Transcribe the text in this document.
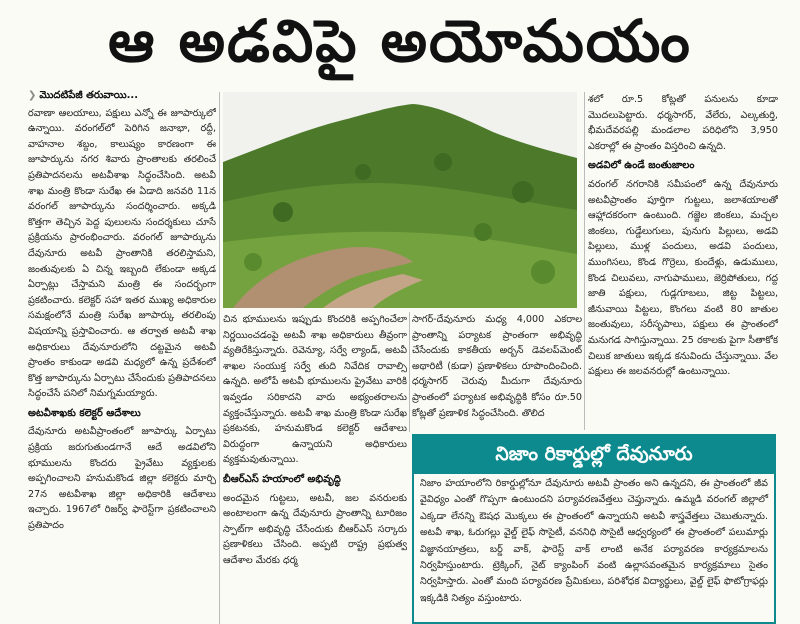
ఆ అడవిపై అయోమయం
❯ మొదటిపేజీ తరువాయి...

రవాణా ఆలయాలు, పక్షులు ఎన్నో ఈ జూపార్కులో ఉన్నాయి. వరంగల్‌లో పెరిగిన జనాభా, రద్దీ, వాహనాల శబ్దం, కాలుష్యం కారణంగా ఈ జూపార్కును నగర శివారు ప్రాంతాలకు తరలించే ప్రతిపాదనలను అటవీశాఖ సిద్ధంచేసింది. అటవీ శాఖ మంత్రి కొండా సురేఖ ఈ ఏడాది జనవరి 11న వరంగల్ జూపార్కును సందర్శించారు. అక్కడి కొత్తగా తెచ్చిన పెద్ద పులులను సందర్శకులు చూసే ప్రక్రియను ప్రారంభించారు. వరంగల్ జూపార్కును దేవునూరు అటవీ ప్రాంతానికి తరలిస్తామని, జంతువులకు ఏ చిన్న ఇబ్బంది లేకుండా అక్కడ ఏర్పాట్లు చేస్తామని మంత్రి ఈ సందర్భంగా ప్రకటించారు. కలెక్టర్ సహా ఇతర ముఖ్య అధికారుల సమక్షంలోనే మంత్రి సురేఖ జూపార్కు తరలింపు విషయాన్ని ప్రస్తావించారు. ఆ తర్వాత అటవీ శాఖ అధికారులు దేవునూరులోని దట్టమైన అటవీ ప్రాంతం కాకుండా అడవి మధ్యలో ఉన్న ప్రదేశంలో కొత్త జూపార్కును ఏర్పాటు చేసేందుకు ప్రతిపాదనలు సిద్ధంచేసే పనిలో నిమగ్నమయ్యారు.

అటవీశాఖకు కలెక్టర్ ఆదేశాలు

దేవునూరు అటవీప్రాంతంలో జూపార్కు ఏర్పాటు ప్రక్రియ జరుగుతుండగానే ఆదే అడవిలోని భూములను కొందరు ప్రైవేటు వ్యక్తులకు అప్పగించాలని హనుమకొండ జిల్లా కలెక్టరు మార్చి 27న అటవీశాఖ జిల్లా అధికారికి ఆదేశాలు ఇచ్చారు. 1967లో రిజర్వ్ ఫారెస్ట్‌గా ప్రకటించాలని ప్రతిపాదం

చిన భూములను ఇప్పుడు కొందరికి అప్పగించేలా నిర్ణయించడంపై అటవీ శాఖ అధికారులు తీవ్రంగా వ్యతిరేకిస్తున్నారు. రెవెన్యూ, సర్వే ల్యాండ్, అటవీ శాఖల సంయుక్త సర్వే తుది నివేదిక రావాల్సి ఉన్నది. అలోపే అటవీ భూములను ప్రైవేటు వారికి ఇవ్వడం సరికాదని వారు అభ్యంతరాలను వ్యక్తంచేస్తున్నారు. అటవీ శాఖ మంత్రి కొండా సురేఖ ప్రకటనకు, హనుమకొండ కలెక్టర్ ఆదేశాలు విరుద్ధంగా ఉన్నాయని అధికారులు వ్యక్తమవుతున్నాయి.

బీఆర్ఎస్ హయాంలో అభివృద్ధి

అందమైన గుట్టలు, అటవీ, జల వనరులకు అంటాలంగా ఉన్న దేవునూరు ప్రాంతాన్ని టూరిజం స్పాట్‌గా అభివృద్ధి చేసేందుకు బీఆర్ఎస్ సర్కారు ప్రణాళికలు చేసింది. అప్పటి రాష్ట్ర ప్రభుత్వ ఆదేశాల మేరకు ధర్మ

సాగర్-దేవునూరు మధ్య 4,000 ఎకరాల ప్రాంతాన్ని పర్యాటక ప్రాంతంగా అభివృద్ధి చేసేందుకు కాకతీయ అర్బన్ డెవలప్‌మెంట్ అథారిటీ (కుడా) ప్రణాళికలు రూపొందించింది. ధర్మసాగర్ చెరువు మీదుగా దేవునూరు ప్రాంతంలో పర్యాటక అభివృద్ధికి కోసం రూ.50 కోట్లతో ప్రణాళిక సిద్ధంచేసింది. తొలిద

శలో రూ.5 కోట్లతో పనులను కూడా మొదలుపెట్టారు. ధర్మసాగర్, వేలేరు, ఎల్కతుర్తి, భీమదేవరపల్లి మండలాల పరిధిలోని 3,950 ఎకరాల్లో ఈ ప్రాంతం విస్తరించి ఉన్నది.

అడవిలో ఉండే జంతుజాలం

వరంగల్ నగరానికి సమీపంలో ఉన్న దేవునూరు అటవీప్రాంతం పూర్తిగా గుట్టలు, జలాశయాలతో ఆహ్లాదకరంగా ఉంటుంది. గజ్జెల జింకలు, మచ్చల జింకలు, గుడ్డేలుగులు, పునుగు పిల్లులు, అడవి పిల్లులు, ముళ్ల పందులు, అడవి పందులు, ముంగిసలు, కొండ గొర్రెలు, కుందేళ్లు, ఉడుములు, కొండ చిలువలు, నాగుపాములు, జెర్రిపోతులు, గద్ద జాతి పక్షులు, గుడ్లగూబలు, జిట్ట పిట్టలు, జీనువాయి పిట్టలు, కొంగలు వంటి 80 జాతుల జంతువులు, సరీసృపాలు, పక్షులు ఈ ప్రాంతంలో మనుగడ సాగిస్తున్నాయి. 25 రకాలకు పైగా సీతాకోక చిలుక జాతులు ఇక్కడ కనువిందు చేస్తున్నాయి. వేల పక్షులు ఈ జలవనరుల్లో ఉంటున్నాయి.

నిజాం రికార్డుల్లో దేవునూరు

నిజాం హయాంలోని రికార్డుల్లోనూ దేవునూరు అటవీ ప్రాంతం అని ఉన్నదని, ఈ ప్రాంతంలో జీవ వైవిధ్యం ఎంతో గొప్పగా ఉంటుందని పర్యావరణవేత్తలు చెప్తున్నారు. ఉమ్మడి వరంగల్ జిల్లాలో ఎక్కడా లేనన్ని ఔషధ మొక్కలు ఈ ప్రాంతంలో ఉన్నాయని అటవీ శాస్త్రవేత్తలు చెబుతున్నారు. అటవీ శాఖ, ఓరుగల్లు వైల్డ్ లైఫ్ సొసైటీ, వననిధి సొసైటీ ఆధ్వర్యంలో ఈ ప్రాంతంలో పలుమార్లు విజ్ఞానయాత్రలు, బర్డ్ వాక్, ఫారెస్ట్ వాక్ లాంటి అనేక పర్యావరణ కార్యక్రమాలను నిర్వహిస్తుంటారు. ట్రెక్కింగ్, నైట్ క్యాంపింగ్ వంటి ఉల్లాసవంతమైన కార్యక్రమాలు సైతం నిర్వహిస్తారు. ఎంతో మంది పర్యావరణ ప్రేమికులు, పరిశోధక విద్యార్థులు, వైల్డ్ లైఫ్ ఫొటోగ్రాఫర్లు ఇక్కడికి నిత్యం వస్తుంటారు.
